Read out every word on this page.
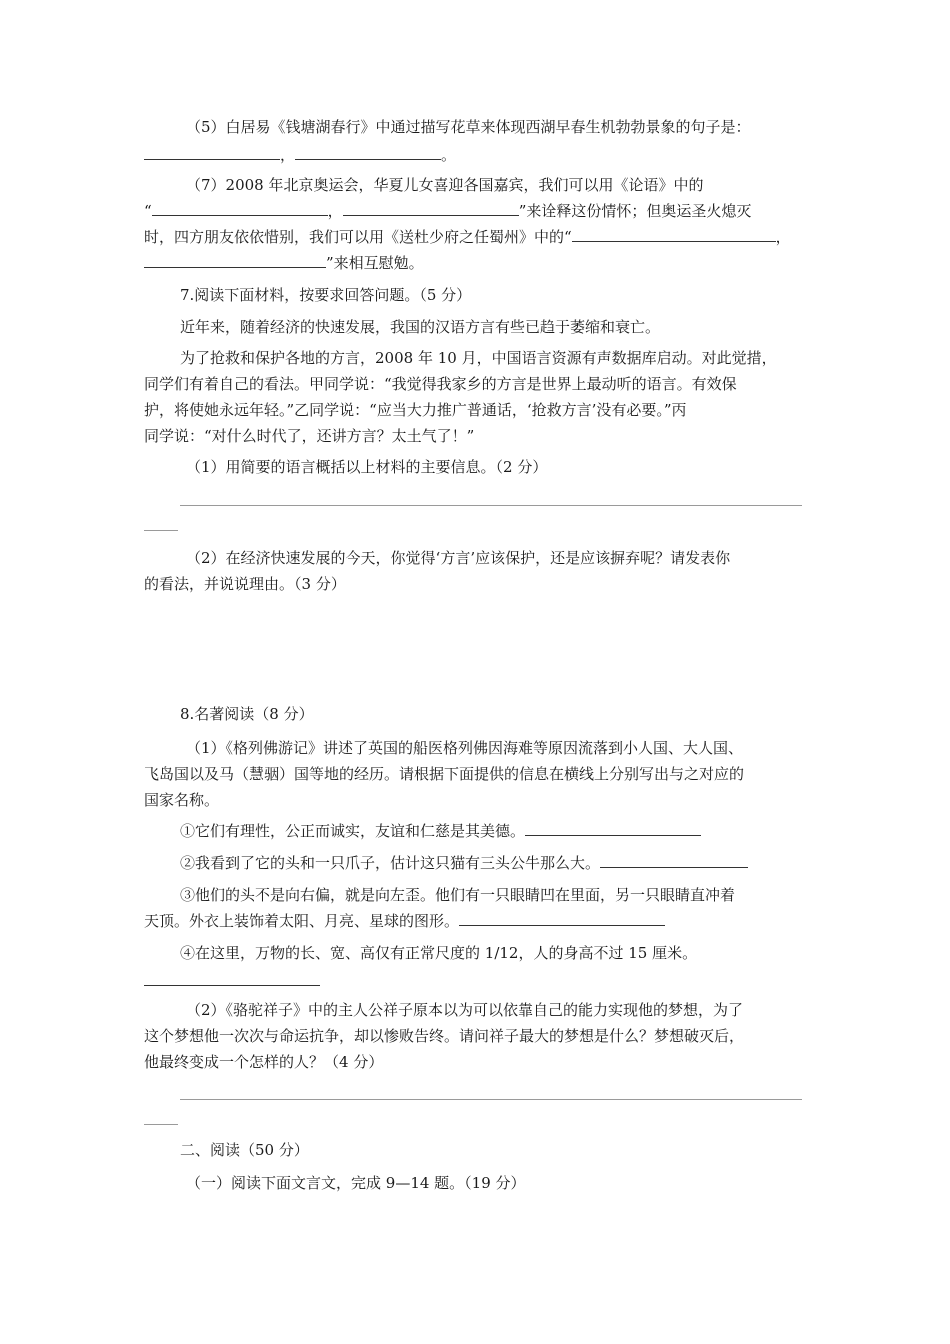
（5）白居易《钱塘湖春行》中通过描写花草来体现西湖早春生机勃勃景象的句子是：
，	。
（7）2008 年北京奥运会，华夏儿女喜迎各国嘉宾，我们可以用《论语》中的
“	，	”来诠释这份情怀；但奥运圣火熄灭
时，四方朋友依依惜别，我们可以用《送杜少府之任蜀州》中的“	，
”来相互慰勉。
7.阅读下面材料，按要求回答问题。（5 分）
近年来，随着经济的快速发展，我国的汉语方言有些已趋于萎缩和衰亡。
为了抢救和保护各地的方言，2008 年 10 月，中国语言资源有声数据库启动。对此觉措，
同学们有着自己的看法。甲同学说：“我觉得我家乡的方言是世界上最动听的语言。有效保
护，将使她永远年轻。”乙同学说：“应当大力推广普通话，‘抢救方言’没有必要。”丙
同学说：“对什么时代了，还讲方言？太土气了！”
（1）用简要的语言概括以上材料的主要信息。（2 分）
（2）在经济快速发展的今天，你觉得‘方言’应该保护，还是应该摒弃呢？请发表你
的看法，并说说理由。（3 分）
8.名著阅读（8 分）
（1）《格列佛游记》讲述了英国的船医格列佛因海难等原因流落到小人国、大人国、
飞岛国以及马（慧骃）国等地的经历。请根据下面提供的信息在横线上分别写出与之对应的
国家名称。
①它们有理性，公正而诚实，友谊和仁慈是其美德。
②我看到了它的头和一只爪子，估计这只猫有三头公牛那么大。
③他们的头不是向右偏，就是向左歪。他们有一只眼睛凹在里面，另一只眼睛直冲着
天顶。外衣上装饰着太阳、月亮、星球的图形。
④在这里，万物的长、宽、高仅有正常尺度的 1/12，人的身高不过 15 厘米。
（2）《骆驼祥子》中的主人公祥子原本以为可以依靠自己的能力实现他的梦想，为了
这个梦想他一次次与命运抗争，却以惨败告终。请问祥子最大的梦想是什么？梦想破灭后，
他最终变成一个怎样的人？（4 分）
二、阅读（50 分）
（一）阅读下面文言文，完成 9—14 题。（19 分）
